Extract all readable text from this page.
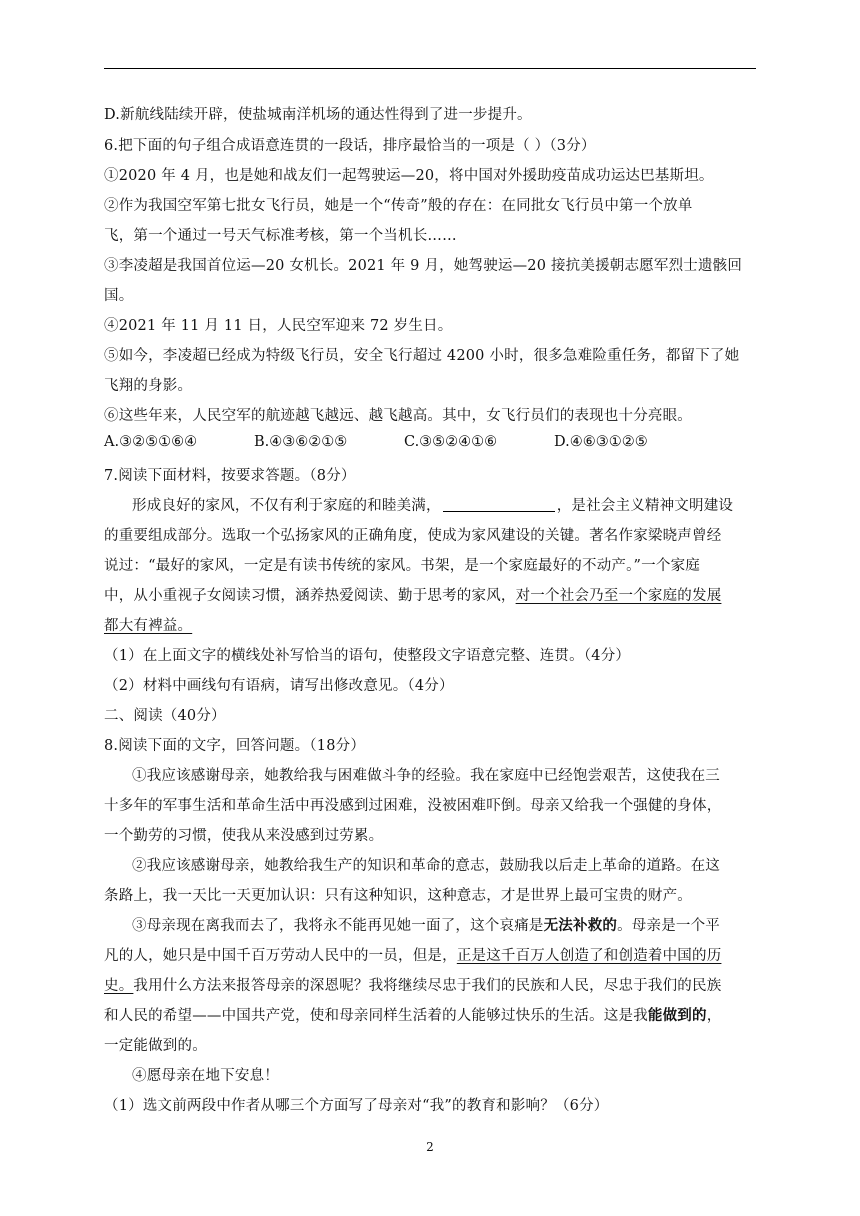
D.新航线陆续开辟，使盐城南洋机场的通达性得到了进一步提升。
6.把下面的句子组合成语意连贯的一段话，排序最恰当的一项是（ ）（3分）
①2020 年 4 月，也是她和战友们一起驾驶运—20，将中国对外援助疫苗成功运达巴基斯坦。
②作为我国空军第七批女飞行员，她是一个“传奇”般的存在：在同批女飞行员中第一个放单
飞，第一个通过一号天气标准考核，第一个当机长……
③李凌超是我国首位运—20 女机长。2021 年 9 月，她驾驶运—20 接抗美援朝志愿军烈士遗骸回
国。
④2021 年 11 月 11 日，人民空军迎来 72 岁生日。
⑤如今，李凌超已经成为特级飞行员，安全飞行超过 4200 小时，很多急难险重任务，都留下了她
飞翔的身影。
⑥这些年来，人民空军的航迹越飞越远、越飞越高。其中，女飞行员们的表现也十分亮眼。
A.③②⑤①⑥④	B.④③⑥②①⑤	C.③⑤②④①⑥	D.④⑥③①②⑤
7.阅读下面材料，按要求答题。（8分）
形成良好的家风，不仅有利于家庭的和睦美满，	，是社会主义精神文明建设
的重要组成部分。选取一个弘扬家风的正确角度，使成为家风建设的关键。著名作家梁晓声曾经
说过：“最好的家风，一定是有读书传统的家风。书架，是一个家庭最好的不动产。”一个家庭
中，从小重视子女阅读习惯，涵养热爱阅读、勤于思考的家风，对一个社会乃至一个家庭的发展
都大有裨益。
（1）在上面文字的横线处补写恰当的语句，使整段文字语意完整、连贯。（4分）
（2）材料中画线句有语病，请写出修改意见。（4分）
二、阅读（40分）
8.阅读下面的文字，回答问题。（18分）
①我应该感谢母亲，她教给我与困难做斗争的经验。我在家庭中已经饱尝艰苦，这使我在三
十多年的军事生活和革命生活中再没感到过困难，没被困难吓倒。母亲又给我一个强健的身体，
一个勤劳的习惯，使我从来没感到过劳累。
②我应该感谢母亲，她教给我生产的知识和革命的意志，鼓励我以后走上革命的道路。在这
条路上，我一天比一天更加认识：只有这种知识，这种意志，才是世界上最可宝贵的财产。
③母亲现在离我而去了，我将永不能再见她一面了，这个哀痛是无法补救的。母亲是一个平
凡的人，她只是中国千百万劳动人民中的一员，但是，正是这千百万人创造了和创造着中国的历
史。我用什么方法来报答母亲的深恩呢？我将继续尽忠于我们的民族和人民，尽忠于我们的民族
和人民的希望——中国共产党，使和母亲同样生活着的人能够过快乐的生活。这是我能做到的，
一定能做到的。
④愿母亲在地下安息！
（1）选文前两段中作者从哪三个方面写了母亲对“我”的教育和影响？（6分）
2
